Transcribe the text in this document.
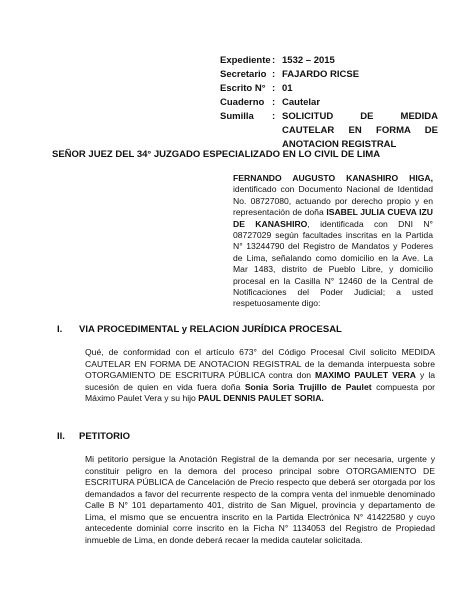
Expediente : 1532 – 2015
Secretario : FAJARDO RICSE
Escrito N° : 01
Cuaderno : Cautelar
Sumilla	: SOLICITUD DE MEDIDA CAUTELAR EN FORMA DE ANOTACION REGISTRAL
SEÑOR JUEZ DEL 34° JUZGADO ESPECIALIZADO EN LO CIVIL DE LIMA
FERNANDO AUGUSTO KANASHIRO HIGA, identificado con Documento Nacional de Identidad No. 08727080, actuando por derecho propio y en representación de doña ISABEL JULIA CUEVA IZU DE KANASHIRO, identificada con DNI N° 08727029 según facultades inscritas en la Partida N° 13244790 del Registro de Mandatos y Poderes de Lima, señalando como domicilio en la Ave. La Mar 1483, distrito de Pueblo Libre, y domicilio procesal en la Casilla N° 12460 de la Central de Notificaciones del Poder Judicial; a usted respetuosamente digo:
I. VIA PROCEDIMENTAL y RELACION JURÍDICA PROCESAL
Qué, de conformidad con el artículo 673° del Código Procesal Civil solicito MEDIDA CAUTELAR EN FORMA DE ANOTACION REGISTRAL de la demanda interpuesta sobre OTORGAMIENTO DE ESCRITURA PÚBLICA contra don MAXIMO PAULET VERA y la sucesión de quien en vida fuera doña Sonia Soria Trujillo de Paulet compuesta por Máximo Paulet Vera y su hijo PAUL DENNIS PAULET SORIA.
II. PETITORIO
Mi petitorio persigue la Anotación Registral de la demanda por ser necesaria, urgente y constituir peligro en la demora del proceso principal sobre OTORGAMIENTO DE ESCRITURA PÚBLICA de Cancelación de Precio respecto que deberá ser otorgada por los demandados a favor del recurrente respecto de la compra venta del inmueble denominado Calle B N° 101 departamento 401, distrito de San Miguel, provincia y departamento de Lima, el mismo que se encuentra inscrito en la Partida Electrónica N° 41422580 y cuyo antecedente dominial corre inscrito en la Ficha N° 1134053 del Registro de Propiedad inmueble de Lima, en donde deberá recaer la medida cautelar solicitada.
